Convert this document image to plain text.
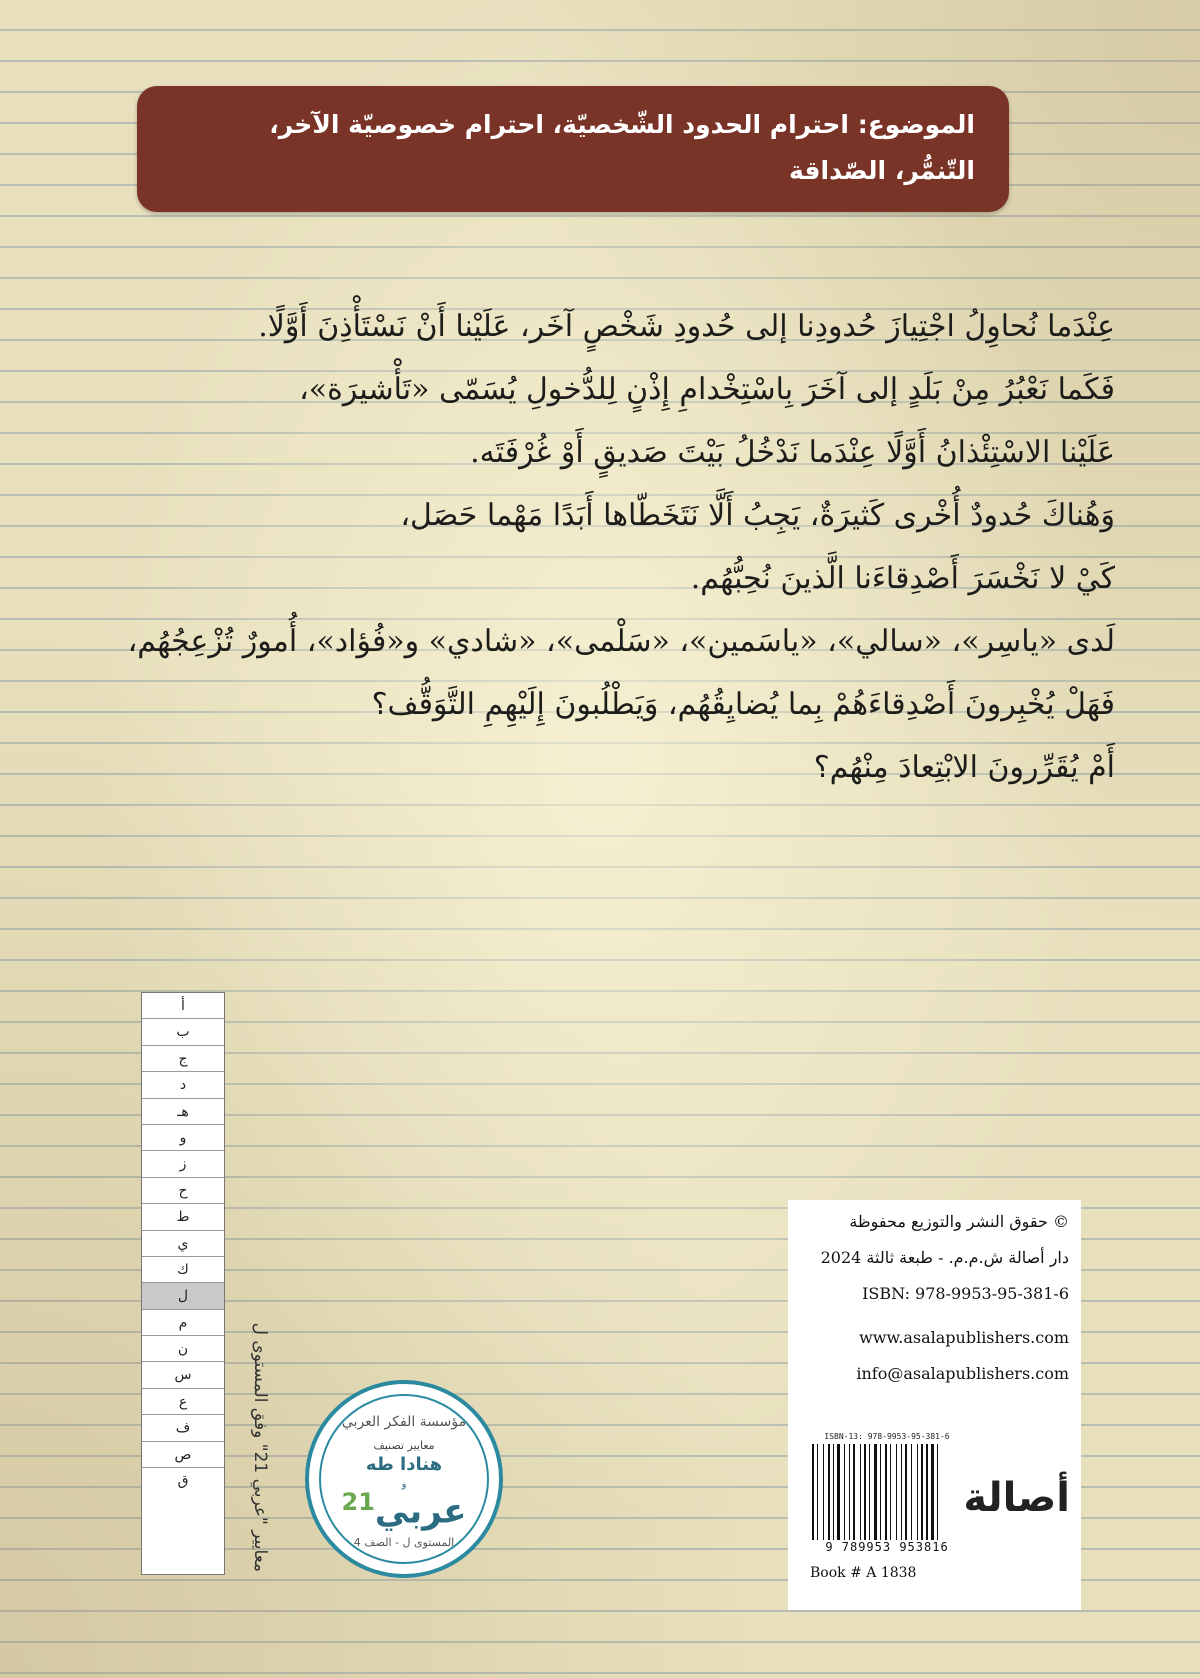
الموضوع: احترام الحدود الشّخصيّة، احترام خصوصيّة الآخر،
التّنمُّر، الصّداقة
عِنْدَما نُحاوِلُ اجْتِيازَ حُدودِنا إلى حُدودِ شَخْصٍ آخَر، عَلَيْنا أَنْ نَسْتَأْذِنَ أَوَّلًا.
فَكَما نَعْبُرُ مِنْ بَلَدٍ إلى آخَرَ بِاسْتِخْدامِ إِذْنٍ لِلدُّخولِ يُسَمّى «تَأْشيرَة»،
عَلَيْنا الاسْتِئْذانُ أَوَّلًا عِنْدَما نَدْخُلُ بَيْتَ صَديقٍ أَوْ غُرْفَتَه.
وَهُناكَ حُدودٌ أُخْرى كَثيرَةٌ، يَجِبُ أَلَّا نَتَخَطّاها أَبَدًا مَهْما حَصَل،
كَيْ لا نَخْسَرَ أَصْدِقاءَنا الَّذينَ نُحِبُّهُم.
لَدى «ياسِر»، «سالي»، «ياسَمين»، «سَلْمى»، «شادي» و«فُؤاد»، أُمورٌ تُزْعِجُهُم،
فَهَلْ يُخْبِرونَ أَصْدِقاءَهُمْ بِما يُضايِقُهُم، وَيَطْلُبونَ إِلَيْهِمِ التَّوَقُّف؟
أَمْ يُقَرِّرونَ الابْتِعادَ مِنْهُم؟
أ
ب
ج
د
هـ
و
ز
ح
ط
ي
ك
ل
م
ن
س
ع
ف
ص
ق
معايير "عربي 21" وفق المستوى ل
مؤسسة الفكر العربي
معايير تصنيف
هنادا طه
و
عربي$^{21}$
المستوى ل - الصف 4
© حقوق النشر والتوزيع محفوظة
دار أصالة ش.م.م. - طبعة ثالثة 2024
ISBN: 978-9953-95-381-6
www.asalapublishers.com
info@asalapublishers.com
ISBN-13: 978-9953-95-381-6
9 789953 953816
أصالة
Book # A 1838
